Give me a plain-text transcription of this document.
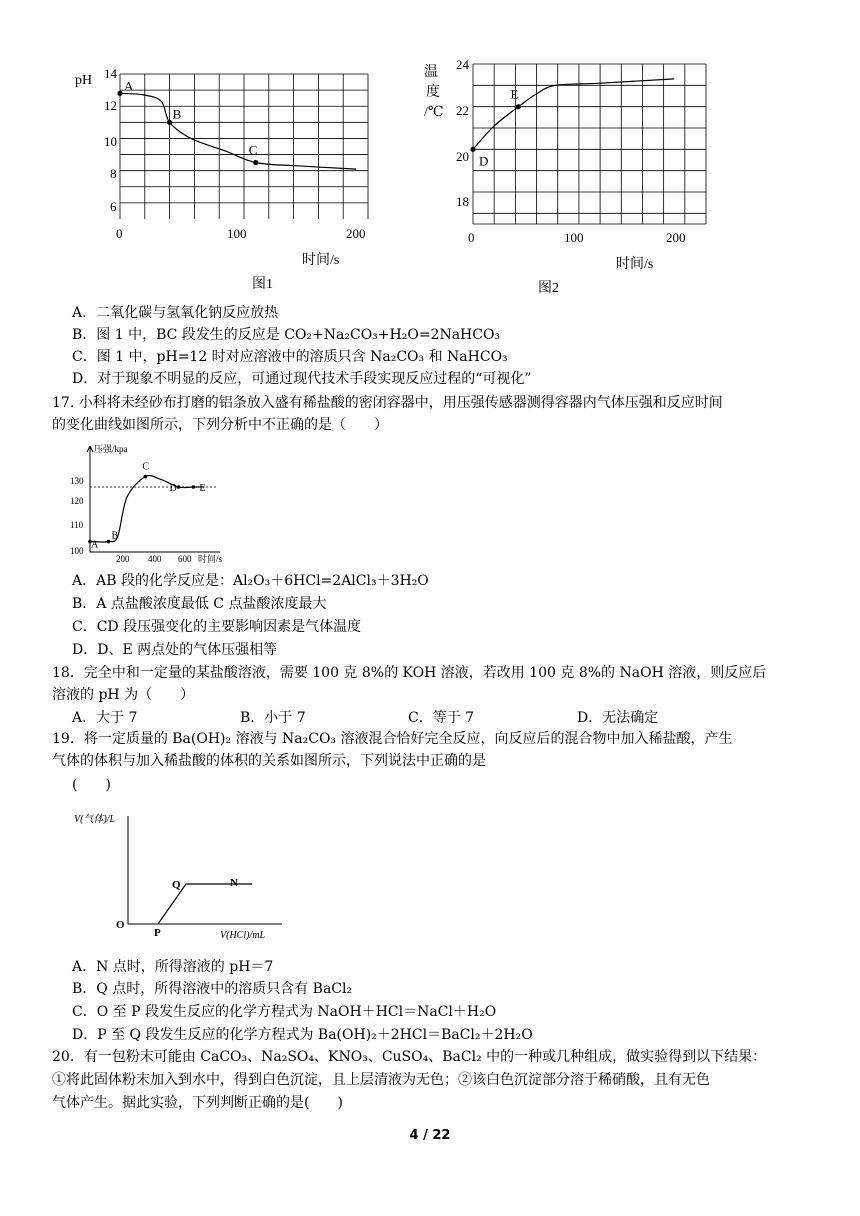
pH 14
12
10
8
6
0	100	200
时间/s
图1
A
B
C
温
度
/℃
24
22
20
18
0	100	200
时间/s
图2
D
E
A．二氧化碳与氢氧化钠反应放热
B．图 1 中，BC 段发生的反应是 CO₂+Na₂CO₃+H₂O=2NaHCO₃
C．图 1 中，pH=12 时对应溶液中的溶质只含 Na₂CO₃ 和 NaHCO₃
D．对于现象不明显的反应，可通过现代技术手段实现反应过程的“可视化”
17. 小科将未经砂布打磨的铝条放入盛有稀盐酸的密闭容器中，用压强传感器测得容器内气体压强和反应时间
的变化曲线如图所示，下列分析中不正确的是（　　）
压强/kpa
130
120
110
100
200 400 600 时间/s
A
B
C
D E
A．AB 段的化学反应是：Al₂O₃＋6HCl=2AlCl₃＋3H₂O
B．A 点盐酸浓度最低 C 点盐酸浓度最大
C．CD 段压强变化的主要影响因素是气体温度
D．D、E 两点处的气体压强相等
18．完全中和一定量的某盐酸溶液，需要 100 克 8%的 KOH 溶液，若改用 100 克 8%的 NaOH 溶液，则反应后
溶液的 pH 为（　　）
A．大于 7	B．小于 7	C．等于 7	D．无法确定
19．将一定质量的 Ba(OH)₂ 溶液与 Na₂CO₃ 溶液混合恰好完全反应，向反应后的混合物中加入稀盐酸，产生
气体的体积与加入稀盐酸的体积的关系如图所示，下列说法中正确的是
(　　)
V(气体)/L
O
V(HCl)/mL
P
Q	N
A．N 点时，所得溶液的 pH＝7
B．Q 点时，所得溶液中的溶质只含有 BaCl₂
C．O 至 P 段发生反应的化学方程式为 NaOH＋HCl＝NaCl＋H₂O
D．P 至 Q 段发生反应的化学方程式为 Ba(OH)₂＋2HCl＝BaCl₂＋2H₂O
20．有一包粉末可能由 CaCO₃、Na₂SO₄、KNO₃、CuSO₄、BaCl₂ 中的一种或几种组成，做实验得到以下结果：
①将此固体粉末加入到水中，得到白色沉淀，且上层清液为无色；②该白色沉淀部分溶于稀硝酸，且有无色
气体产生。据此实验，下列判断正确的是(　　)
4 / 22
